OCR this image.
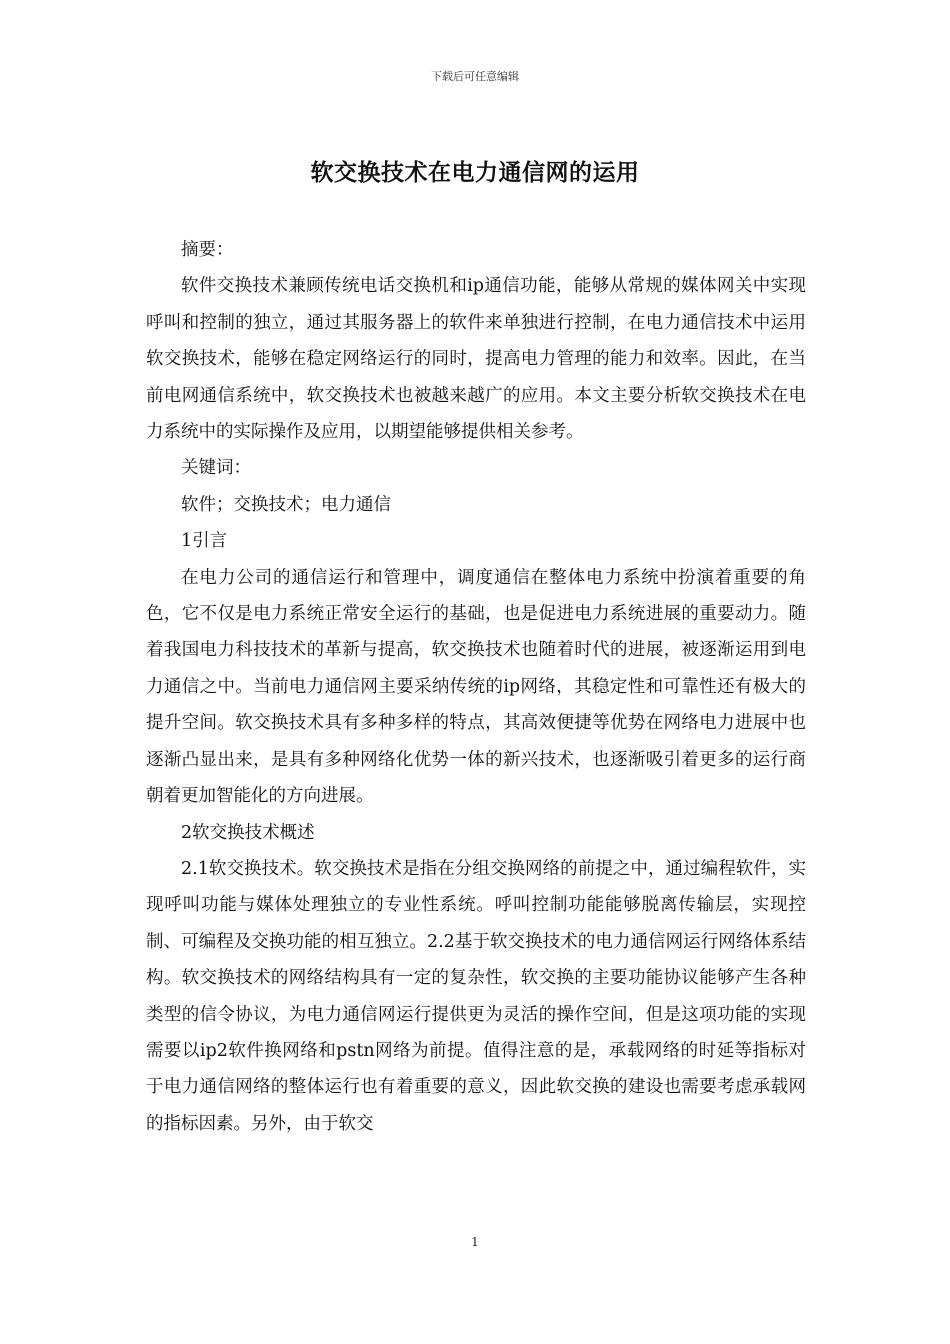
下载后可任意编辑
软交换技术在电力通信网的运用

摘要：

软件交换技术兼顾传统电话交换机和ip通信功能，能够从常规的媒体网关中实现呼叫和控制的独立，通过其服务器上的软件来单独进行控制，在电力通信技术中运用软交换技术，能够在稳定网络运行的同时，提高电力管理的能力和效率。因此，在当前电网通信系统中，软交换技术也被越来越广的应用。本文主要分析软交换技术在电力系统中的实际操作及应用，以期望能够提供相关参考。

关键词：

软件；交换技术；电力通信

1引言

在电力公司的通信运行和管理中，调度通信在整体电力系统中扮演着重要的角色，它不仅是电力系统正常安全运行的基础，也是促进电力系统进展的重要动力。随着我国电力科技技术的革新与提高，软交换技术也随着时代的进展，被逐渐运用到电力通信之中。当前电力通信网主要采纳传统的ip网络，其稳定性和可靠性还有极大的提升空间。软交换技术具有多种多样的特点，其高效便捷等优势在网络电力进展中也逐渐凸显出来，是具有多种网络化优势一体的新兴技术，也逐渐吸引着更多的运行商朝着更加智能化的方向进展。

2软交换技术概述

2.1软交换技术。软交换技术是指在分组交换网络的前提之中，通过编程软件，实现呼叫功能与媒体处理独立的专业性系统。呼叫控制功能能够脱离传输层，实现控制、可编程及交换功能的相互独立。2.2基于软交换技术的电力通信网运行网络体系结构。软交换技术的网络结构具有一定的复杂性，软交换的主要功能协议能够产生各种类型的信令协议，为电力通信网运行提供更为灵活的操作空间，但是这项功能的实现需要以ip2软件换网络和pstn网络为前提。值得注意的是，承载网络的时延等指标对于电力通信网络的整体运行也有着重要的意义，因此软交换的建设也需要考虑承载网的指标因素。另外，由于软交

1
